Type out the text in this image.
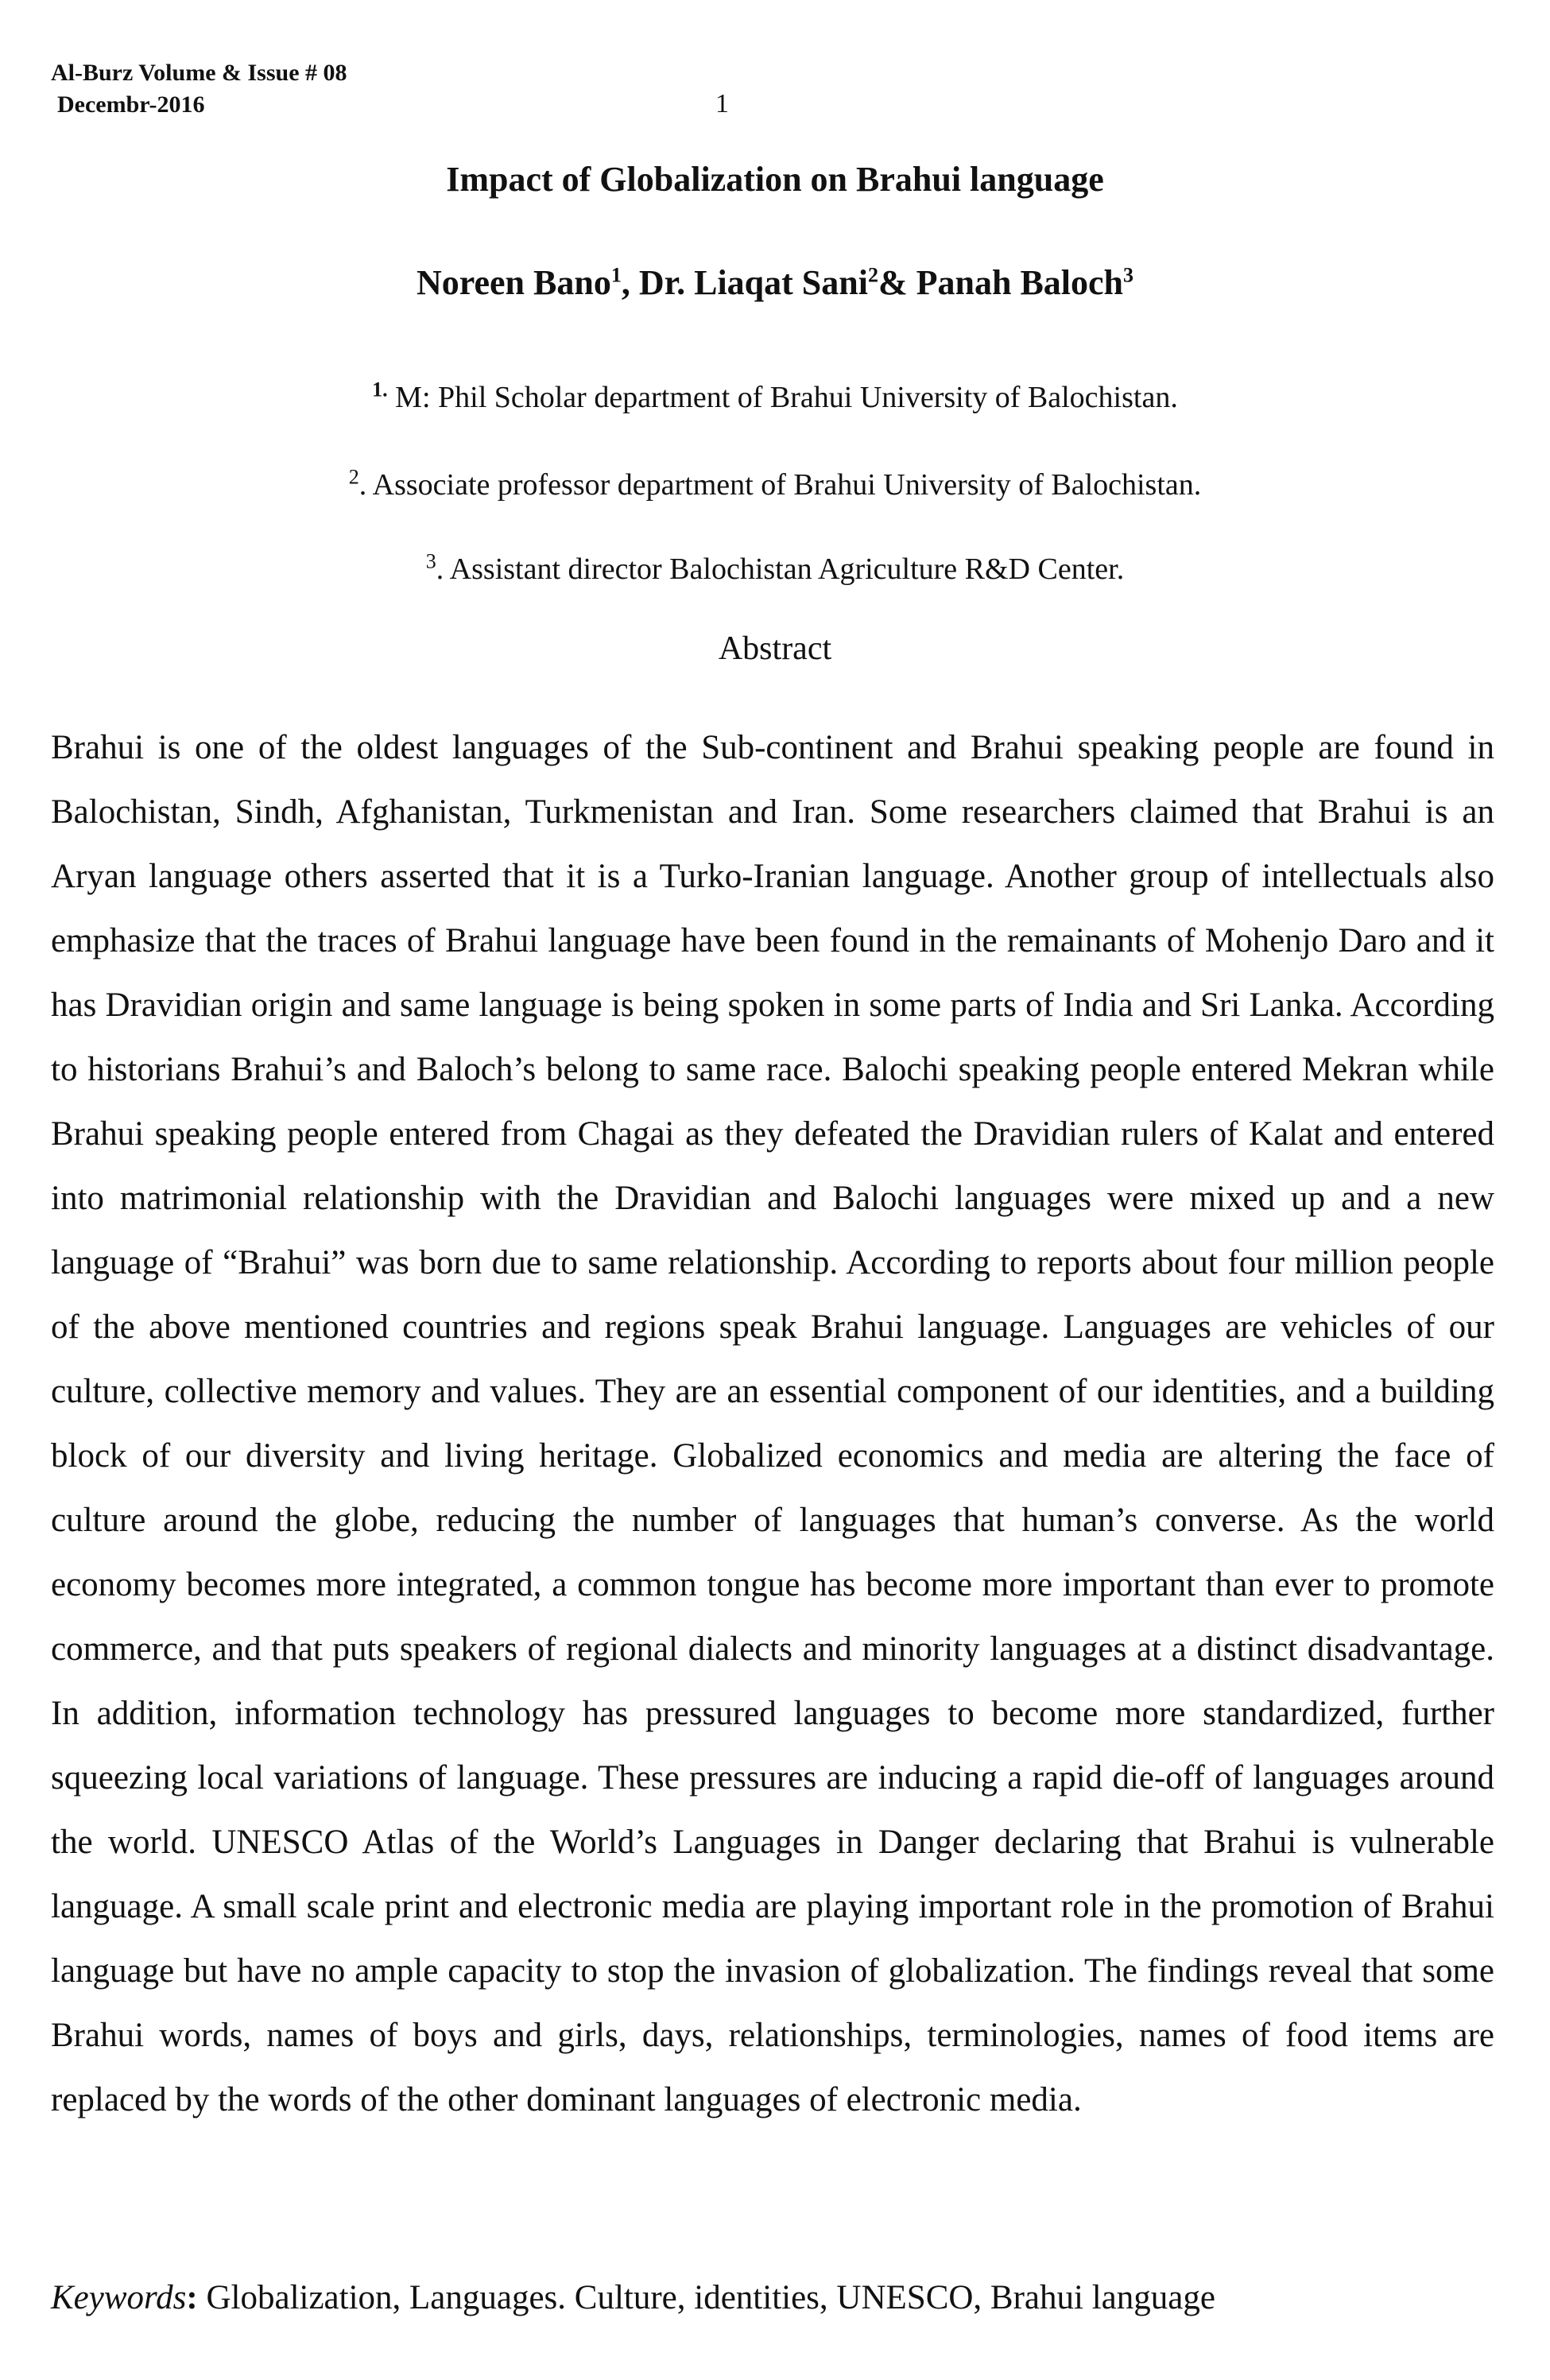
Al-Burz Volume & Issue # 08
Decembr-2016	1
Impact of Globalization on Brahui language
Noreen Bano$^1$, Dr. Liaqat Sani$^2$& Panah Baloch$^3$
$^{1.}$ M: Phil Scholar department of Brahui University of Balochistan.
$^2$. Associate professor department of Brahui University of Balochistan.
$^3$. Assistant director Balochistan Agriculture R&D Center.
Abstract

Brahui is one of the oldest languages of the Sub-continent and Brahui speaking people are found in Balochistan, Sindh, Afghanistan, Turkmenistan and Iran. Some researchers claimed that Brahui is an Aryan language others asserted that it is a Turko-Iranian language. Another group of intellectuals also emphasize that the traces of Brahui language have been found in the remainants of Mohenjo Daro and it has Dravidian origin and same language is being spoken in some parts of India and Sri Lanka. According to historians Brahui’s and Baloch’s belong to same race. Balochi speaking people entered Mekran while Brahui speaking people entered from Chagai as they defeated the Dravidian rulers of Kalat and entered into matrimonial relationship with the Dravidian and Balochi languages were mixed up and a new language of “Brahui” was born due to same relationship. According to reports about four million people of the above mentioned countries and regions speak Brahui language. Languages are vehicles of our culture, collective memory and values. They are an essential component of our identities, and a building block of our diversity and living heritage. Globalized economics and media are altering the face of culture around the globe, reducing the number of languages that human’s converse. As the world economy becomes more integrated, a common tongue has become more important than ever to promote commerce, and that puts speakers of regional dialects and minority languages at a distinct disadvantage. In addition, information technology has pressured languages to become more standardized, further squeezing local variations of language. These pressures are inducing a rapid die-off of languages around the world. UNESCO Atlas of the World’s Languages in Danger declaring that Brahui is vulnerable language. A small scale print and electronic media are playing important role in the promotion of Brahui language but have no ample capacity to stop the invasion of globalization. The findings reveal that some Brahui words, names of boys and girls, days, relationships, terminologies, names of food items are replaced by the words of the other dominant languages of electronic media.

Keywords: Globalization, Languages. Culture, identities, UNESCO, Brahui language
